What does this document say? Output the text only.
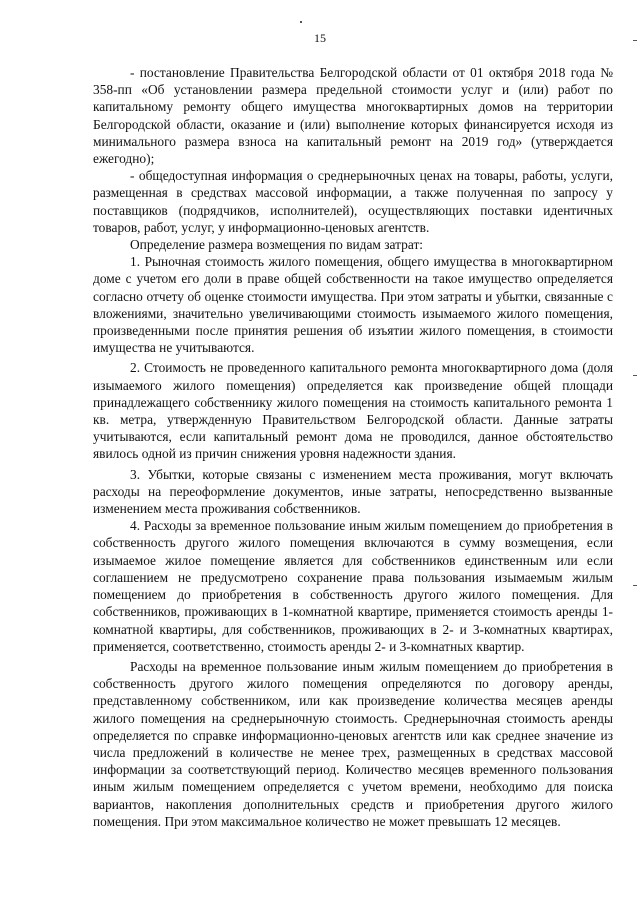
15

- постановление Правительства Белгородской области от 01 октября 2018 года № 358-пп «Об установлении размера предельной стоимости услуг и (или) работ по капитальному ремонту общего имущества многоквартирных домов на территории Белгородской области, оказание и (или) выполнение которых финансируется исходя из минимального размера взноса на капитальный ремонт на 2019 год» (утверждается ежегодно);

- общедоступная информация о среднерыночных ценах на товары, работы, услуги, размещенная в средствах массовой информации, а также полученная по запросу у поставщиков (подрядчиков, исполнителей), осуществляющих поставки идентичных товаров, работ, услуг, у информационно-ценовых агентств.

Определение размера возмещения по видам затрат:

1. Рыночная стоимость жилого помещения, общего имущества в многоквартирном доме с учетом его доли в праве общей собственности на такое имущество определяется согласно отчету об оценке стоимости имущества. При этом затраты и убытки, связанные с вложениями, значительно увеличивающими стоимость изымаемого жилого помещения, произведенными после принятия решения об изъятии жилого помещения, в стоимости имущества не учитываются.

2. Стоимость не проведенного капитального ремонта многоквартирного дома (доля изымаемого жилого помещения) определяется как произведение общей площади принадлежащего собственнику жилого помещения на стоимость капитального ремонта 1 кв. метра, утвержденную Правительством Белгородской области. Данные затраты учитываются, если капитальный ремонт дома не проводился, данное обстоятельство явилось одной из причин снижения уровня надежности здания.

3. Убытки, которые связаны с изменением места проживания, могут включать расходы на переоформление документов, иные затраты, непосредственно вызванные изменением места проживания собственников.

4. Расходы за временное пользование иным жилым помещением до приобретения в собственность другого жилого помещения включаются в сумму возмещения, если изымаемое жилое помещение является для собственников единственным или если соглашением не предусмотрено сохранение права пользования изымаемым жилым помещением до приобретения в собственность другого жилого помещения. Для собственников, проживающих в 1-комнатной квартире, применяется стоимость аренды 1-комнатной квартиры, для собственников, проживающих в 2- и 3-комнатных квартирах, применяется, соответственно, стоимость аренды 2- и 3-комнатных квартир.

Расходы на временное пользование иным жилым помещением до приобретения в собственность другого жилого помещения определяются по договору аренды, представленному собственником, или как произведение количества месяцев аренды жилого помещения на среднерыночную стоимость. Среднерыночная стоимость аренды определяется по справке информационно-ценовых агентств или как среднее значение из числа предложений в количестве не менее трех, размещенных в средствах массовой информации за соответствующий период. Количество месяцев временного пользования иным жилым помещением определяется с учетом времени, необходимо для поиска вариантов, накопления дополнительных средств и приобретения другого жилого помещения. При этом максимальное количество не может превышать 12 месяцев.
